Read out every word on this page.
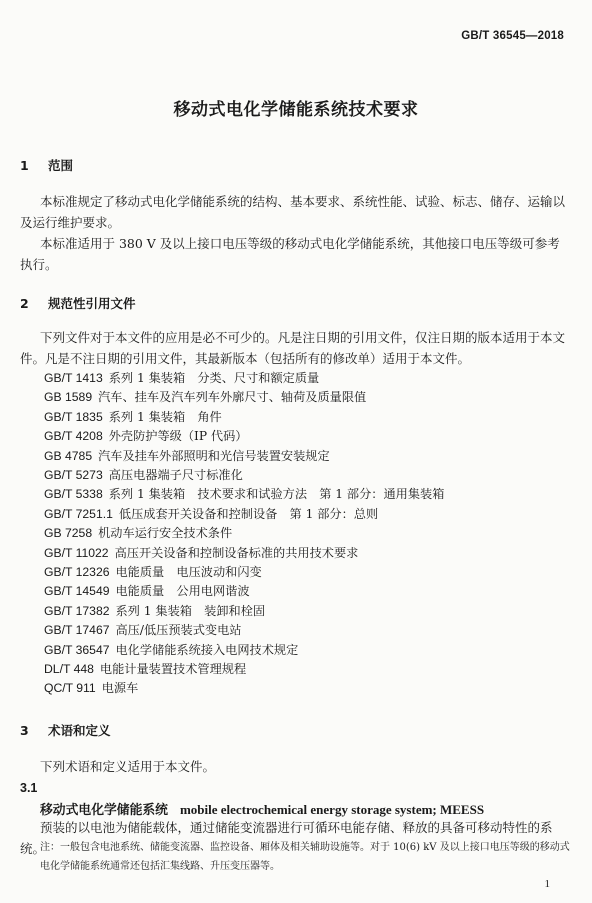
GB/T 36545—2018
移动式电化学储能系统技术要求
1 范围
本标准规定了移动式电化学储能系统的结构、基本要求、系统性能、试验、标志、储存、运输以及运行维护要求。
本标准适用于 380 V 及以上接口电压等级的移动式电化学储能系统，其他接口电压等级可参考执行。
2 规范性引用文件
下列文件对于本文件的应用是必不可少的。凡是注日期的引用文件，仅注日期的版本适用于本文件。凡是不注日期的引用文件，其最新版本（包括所有的修改单）适用于本文件。
GB/T 1413 系列 1 集装箱　分类、尺寸和额定质量
GB 1589 汽车、挂车及汽车列车外廓尺寸、轴荷及质量限值
GB/T 1835 系列 1 集装箱　角件
GB/T 4208 外壳防护等级（IP 代码）
GB 4785 汽车及挂车外部照明和光信号装置安装规定
GB/T 5273 高压电器端子尺寸标准化
GB/T 5338 系列 1 集装箱　技术要求和试验方法　第 1 部分：通用集装箱
GB/T 7251.1 低压成套开关设备和控制设备　第 1 部分：总则
GB 7258 机动车运行安全技术条件
GB/T 11022 高压开关设备和控制设备标准的共用技术要求
GB/T 12326 电能质量　电压波动和闪变
GB/T 14549 电能质量　公用电网谐波
GB/T 17382 系列 1 集装箱　装卸和栓固
GB/T 17467 高压/低压预装式变电站
GB/T 36547 电化学储能系统接入电网技术规定
DL/T 448 电能计量装置技术管理规程
QC/T 911 电源车
3 术语和定义
下列术语和定义适用于本文件。
3.1
移动式电化学储能系统 mobile electrochemical energy storage system; MEESS
预装的以电池为储能载体，通过储能变流器进行可循环电能存储、释放的具备可移动特性的系统。
注：一般包含电池系统、储能变流器、监控设备、厢体及相关辅助设施等。对于 10(6) kV 及以上接口电压等级的移动式电化学储能系统通常还包括汇集线路、升压变压器等。
1
